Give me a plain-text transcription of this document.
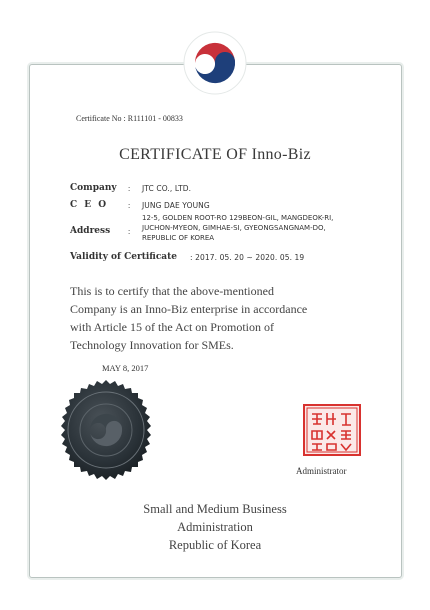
Certificate No : R111101 - 00833
CERTIFICATE OF Inno-Biz
Company : JTC CO., LTD.
C E O : JUNG DAE YOUNG
Address :
12-5, GOLDEN ROOT-RO 129BEON-GIL, MANGDEOK-RI,
JUCHON-MYEON, GIMHAE-SI, GYEONGSANGNAM-DO,
REPUBLIC OF KOREA
Validity of Certificate : 2017. 05. 20 ~ 2020. 05. 19
This is to certify that the above-mentioned
Company is an Inno-Biz enterprise in accordance
with Article 15 of the Act on Promotion of
Technology Innovation for SMEs.
MAY 8, 2017
Administrator
Small and Medium Business
Administration
Republic of Korea
